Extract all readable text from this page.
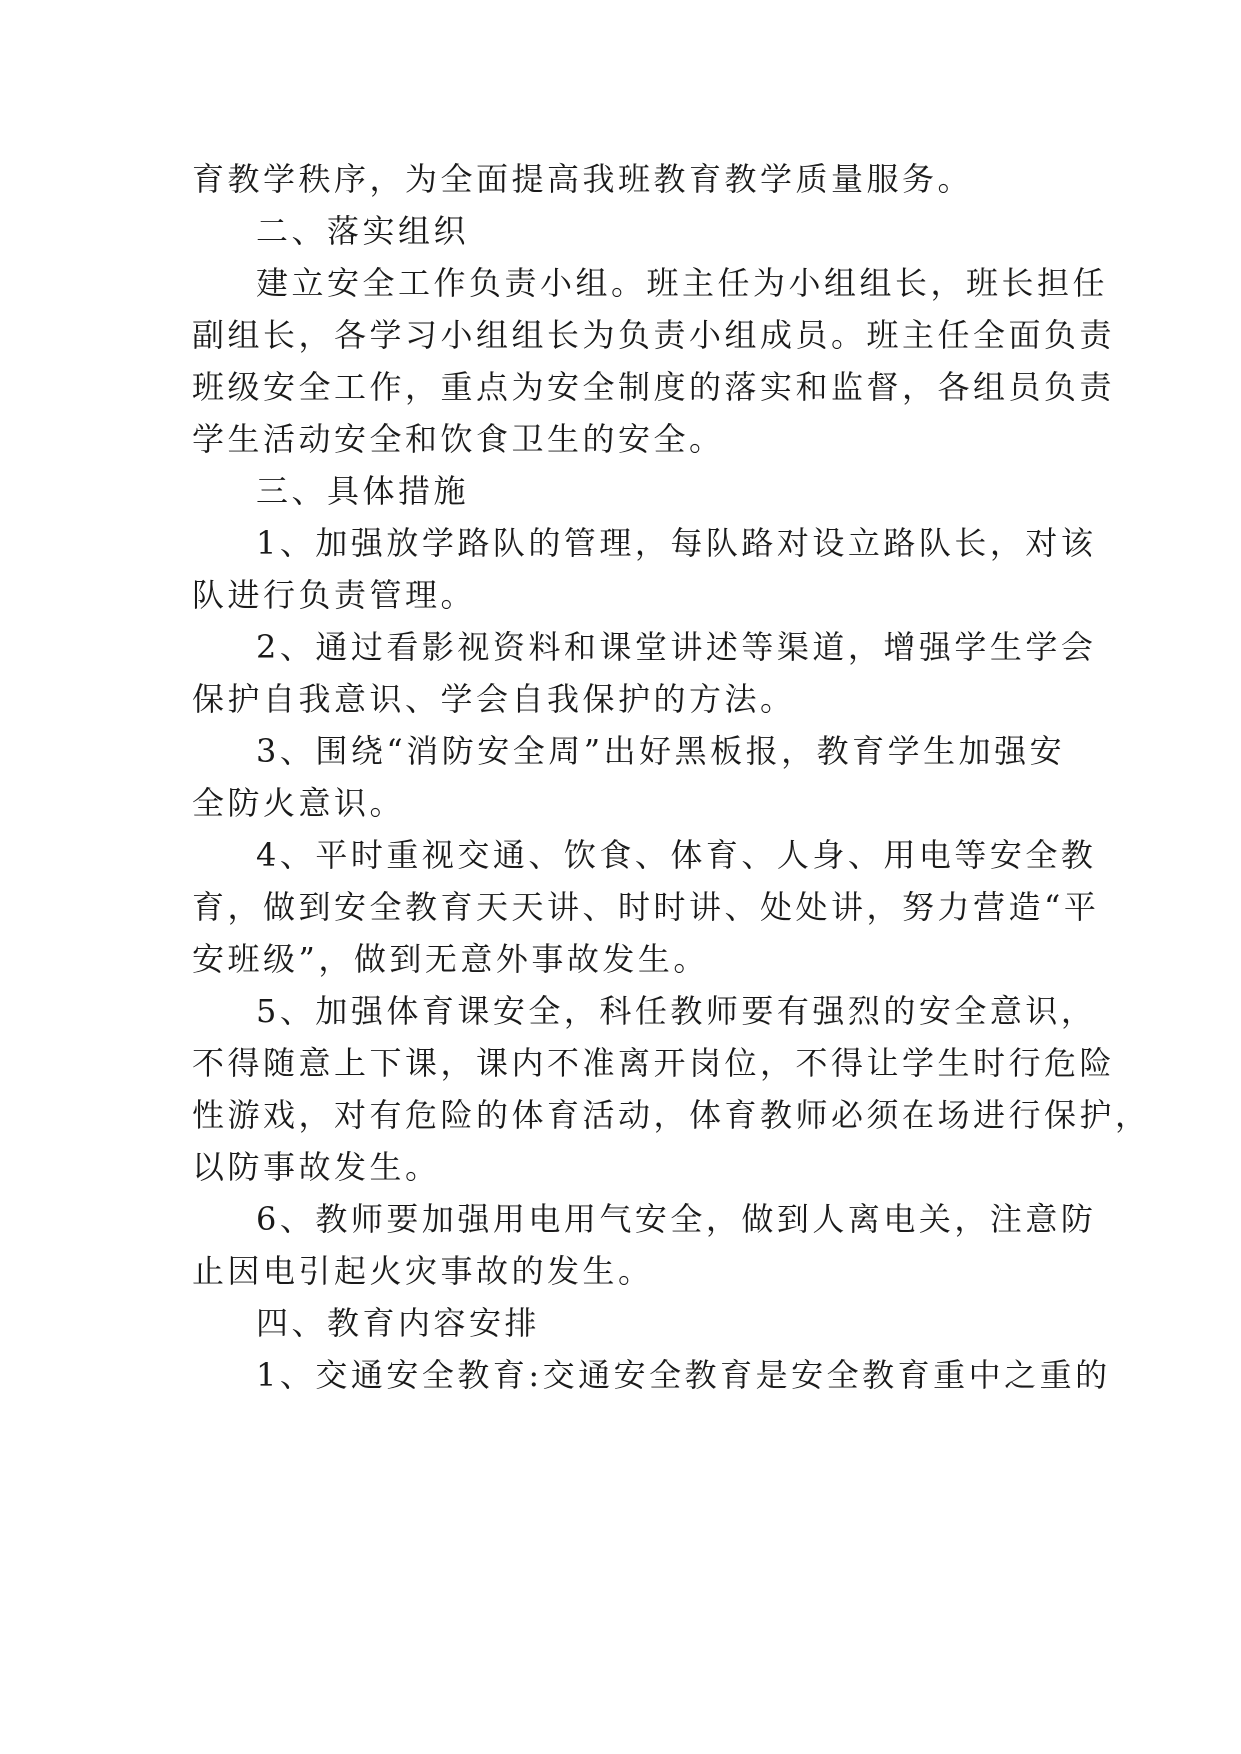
育教学秩序，为全面提高我班教育教学质量服务。
二、落实组织
建立安全工作负责小组。班主任为小组组长，班长担任
副组长，各学习小组组长为负责小组成员。班主任全面负责
班级安全工作，重点为安全制度的落实和监督，各组员负责
学生活动安全和饮食卫生的安全。
三、具体措施
1、加强放学路队的管理，每队路对设立路队长，对该
队进行负责管理。
2、通过看影视资料和课堂讲述等渠道，增强学生学会
保护自我意识、学会自我保护的方法。
3、围绕“消防安全周”出好黑板报，教育学生加强安
全防火意识。
4、平时重视交通、饮食、体育、人身、用电等安全教
育，做到安全教育天天讲、时时讲、处处讲，努力营造“平
安班级”，做到无意外事故发生。
5、加强体育课安全，科任教师要有强烈的安全意识，
不得随意上下课，课内不准离开岗位，不得让学生时行危险
性游戏，对有危险的体育活动，体育教师必须在场进行保护，
以防事故发生。
6、教师要加强用电用气安全，做到人离电关，注意防
止因电引起火灾事故的发生。
四、教育内容安排
1、交通安全教育:交通安全教育是安全教育重中之重的
